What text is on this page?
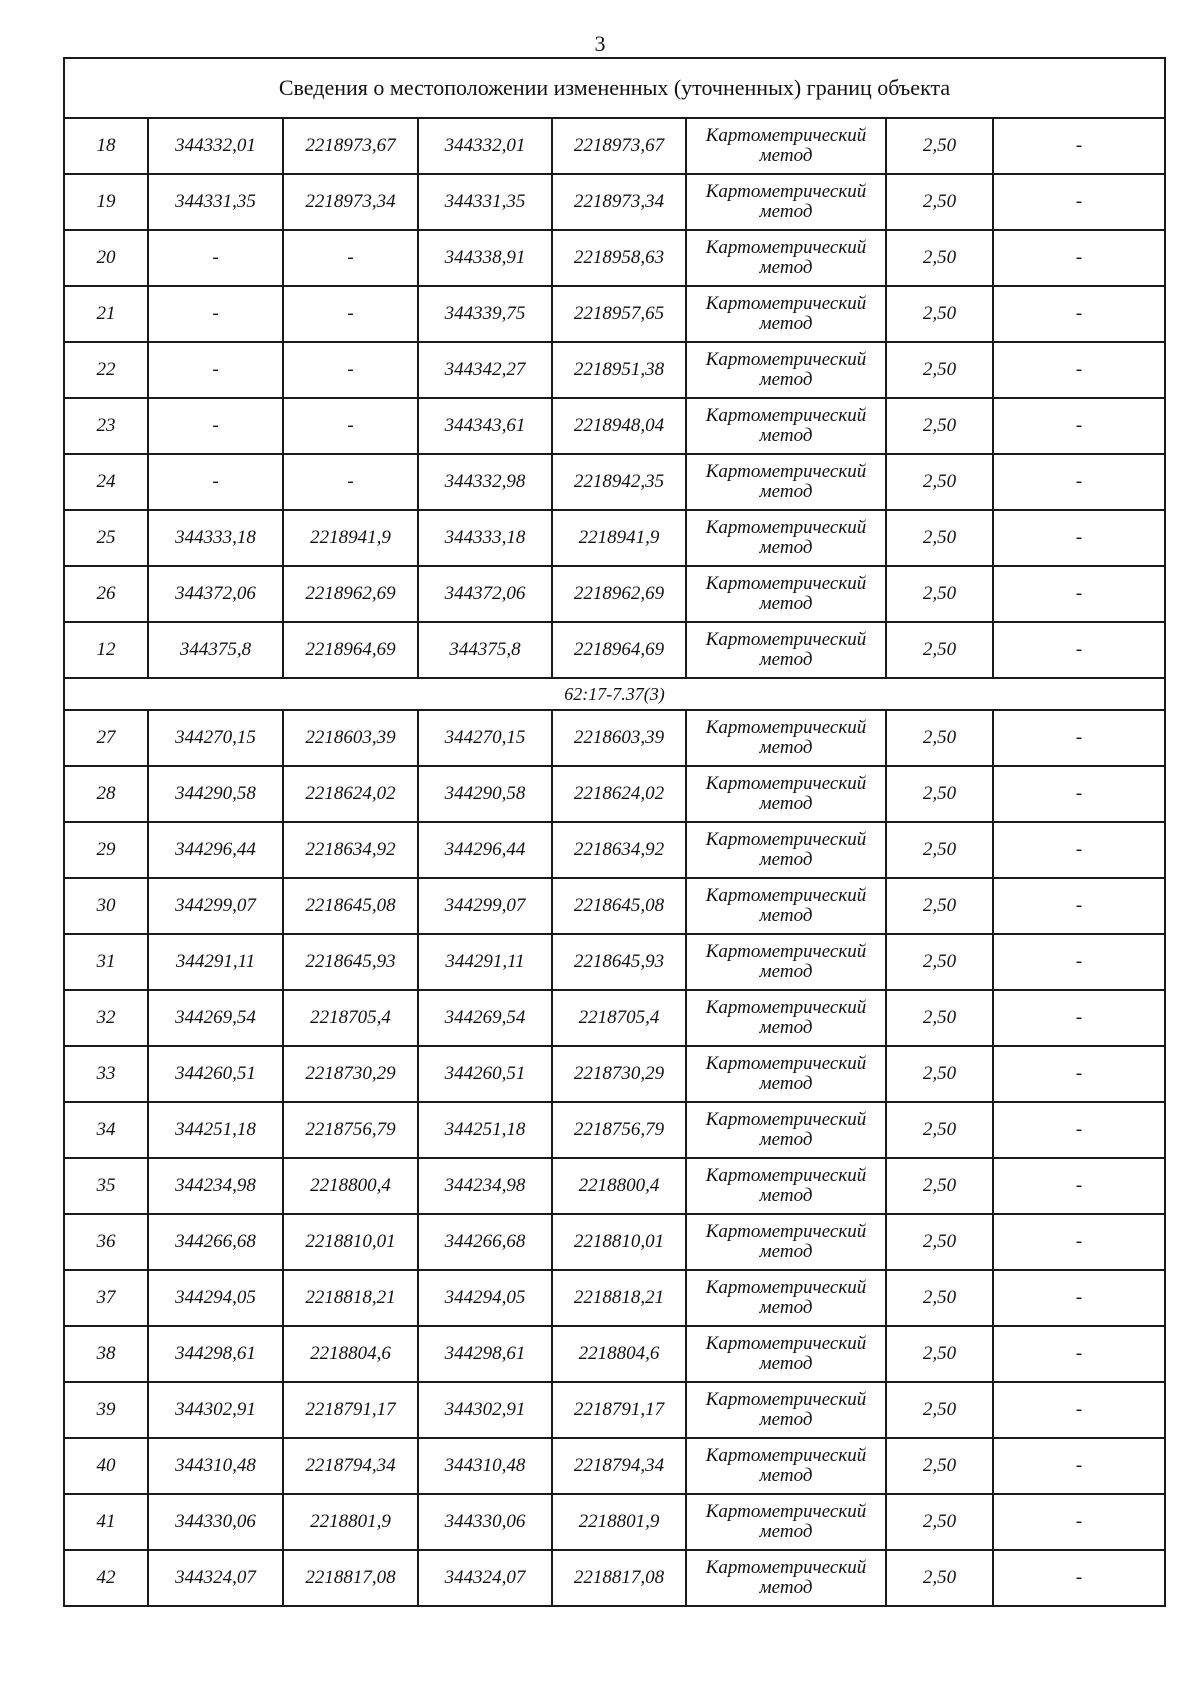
3
Сведения о местоположении измененных (уточненных) границ объекта							
18	344332,01	2218973,67	344332,01	2218973,67	Картометрический метод	2,50	-
19	344331,35	2218973,34	344331,35	2218973,34	Картометрический метод	2,50	-
20	-	-	344338,91	2218958,63	Картометрический метод	2,50	-
21	-	-	344339,75	2218957,65	Картометрический метод	2,50	-
22	-	-	344342,27	2218951,38	Картометрический метод	2,50	-
23	-	-	344343,61	2218948,04	Картометрический метод	2,50	-
24	-	-	344332,98	2218942,35	Картометрический метод	2,50	-
25	344333,18	2218941,9	344333,18	2218941,9	Картометрический метод	2,50	-
26	344372,06	2218962,69	344372,06	2218962,69	Картометрический метод	2,50	-
12	344375,8	2218964,69	344375,8	2218964,69	Картометрический метод	2,50	-
62:17-7.37(3)							
27	344270,15	2218603,39	344270,15	2218603,39	Картометрический метод	2,50	-
28	344290,58	2218624,02	344290,58	2218624,02	Картометрический метод	2,50	-
29	344296,44	2218634,92	344296,44	2218634,92	Картометрический метод	2,50	-
30	344299,07	2218645,08	344299,07	2218645,08	Картометрический метод	2,50	-
31	344291,11	2218645,93	344291,11	2218645,93	Картометрический метод	2,50	-
32	344269,54	2218705,4	344269,54	2218705,4	Картометрический метод	2,50	-
33	344260,51	2218730,29	344260,51	2218730,29	Картометрический метод	2,50	-
34	344251,18	2218756,79	344251,18	2218756,79	Картометрический метод	2,50	-
35	344234,98	2218800,4	344234,98	2218800,4	Картометрический метод	2,50	-
36	344266,68	2218810,01	344266,68	2218810,01	Картометрический метод	2,50	-
37	344294,05	2218818,21	344294,05	2218818,21	Картометрический метод	2,50	-
38	344298,61	2218804,6	344298,61	2218804,6	Картометрический метод	2,50	-
39	344302,91	2218791,17	344302,91	2218791,17	Картометрический метод	2,50	-
40	344310,48	2218794,34	344310,48	2218794,34	Картометрический метод	2,50	-
41	344330,06	2218801,9	344330,06	2218801,9	Картометрический метод	2,50	-
42	344324,07	2218817,08	344324,07	2218817,08	Картометрический метод	2,50	-
